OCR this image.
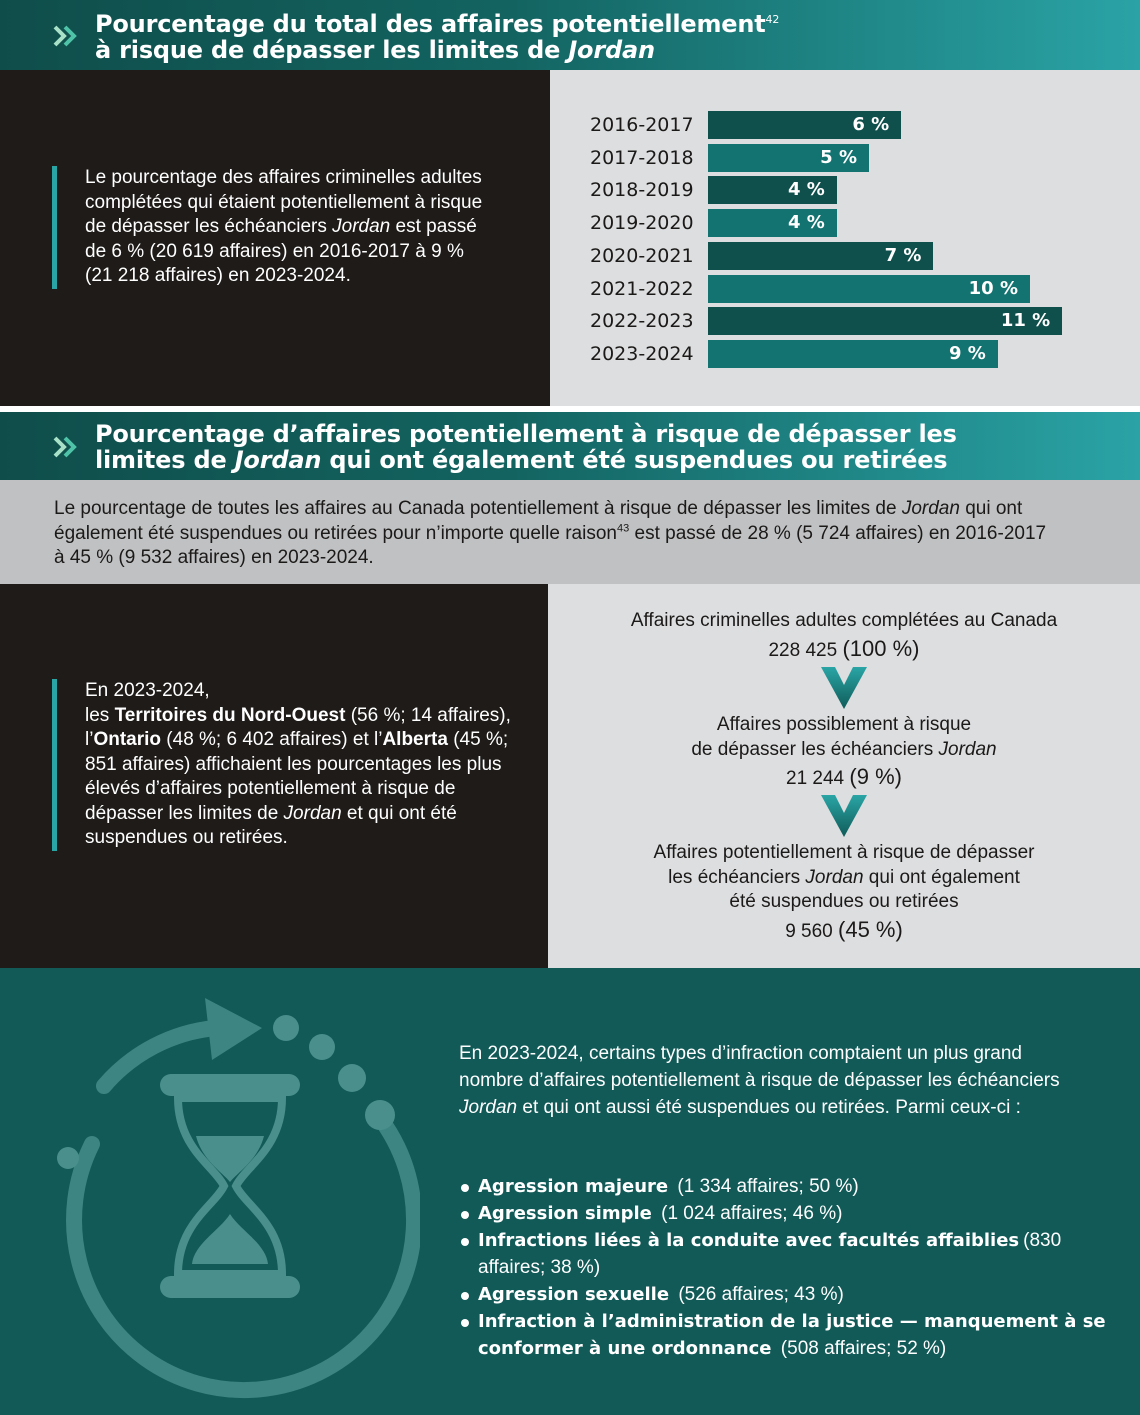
Pourcentage du total des affaires potentiellement$^{42}$
à risque de dépasser les limites de Jordan
Le pourcentage des affaires criminelles adultes complétées qui étaient potentiellement à risque de dépasser les échéanciers Jordan est passé de 6 % (20 619 affaires) en 2016-2017 à 9 % (21 218 affaires) en 2023-2024.
2016-2017	6 %
2017-2018	5 %
2018-2019	4 %
2019-2020	4 %
2020-2021	7 %
2021-2022	10 %
2022-2023	11 %
2023-2024	9 %
Pourcentage d’affaires potentiellement à risque de dépasser les
limites de Jordan qui ont également été suspendues ou retirées

Le pourcentage de toutes les affaires au Canada potentiellement à risque de dépasser les limites de Jordan qui ont également été suspendues ou retirées pour n’importe quelle raison$^{43}$ est passé de 28 % (5 724 affaires) en 2016-2017 à 45 % (9 532 affaires) en 2023-2024.

En 2023-2024,
les Territoires du Nord-Ouest (56 %; 14 affaires), l’Ontario (48 %; 6 402 affaires) et l’Alberta (45 %; 851 affaires) affichaient les pourcentages les plus élevés d’affaires potentiellement à risque de dépasser les limites de Jordan et qui ont été suspendues ou retirées.
Affaires criminelles adultes complétées au Canada
228 425 (100 %)
Affaires possiblement à risque
de dépasser les échéanciers Jordan
21 244 (9 %)
Affaires potentiellement à risque de dépasser
les échéanciers Jordan qui ont également
été suspendues ou retirées
9 560 (45 %)
En 2023-2024, certains types d’infraction comptaient un plus grand nombre d’affaires potentiellement à risque de dépasser les échéanciers Jordan et qui ont aussi été suspendues ou retirées. Parmi ceux-ci :
Agression majeure (1 334 affaires; 50 %)
Agression simple (1 024 affaires; 46 %)
Infractions liées à la conduite avec facultés affaiblies (830 affaires; 38 %)
Agression sexuelle (526 affaires; 43 %)
Infraction à l’administration de la justice — manquement à se conformer à une ordonnance (508 affaires; 52 %)
